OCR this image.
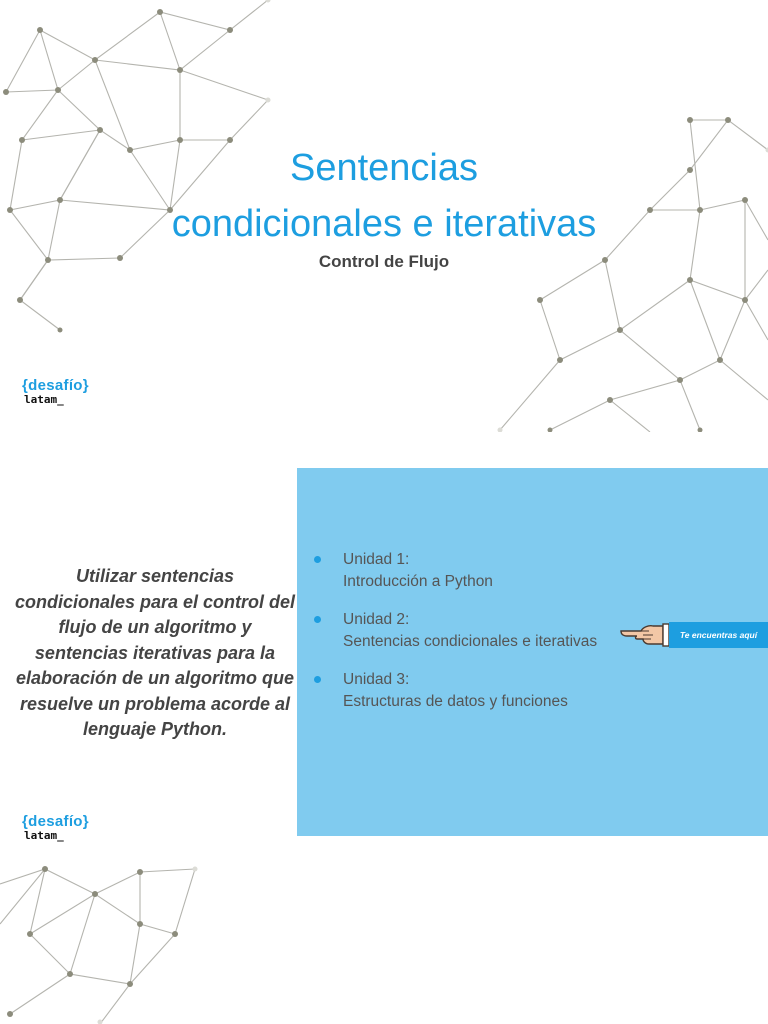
Sentencias
condicionales e iterativas
Control de Flujo
{desafío}
latam_
Utilizar sentencias condicionales para el control del flujo de un algoritmo y sentencias iterativas para la elaboración de un algoritmo que resuelve un problema acorde al lenguaje Python.
Unidad 1:
Introducción a Python
Unidad 2:
Sentencias condicionales e iterativas
Unidad 3:
Estructuras de datos y funciones
Te encuentras aquí
{desafío}
latam_
